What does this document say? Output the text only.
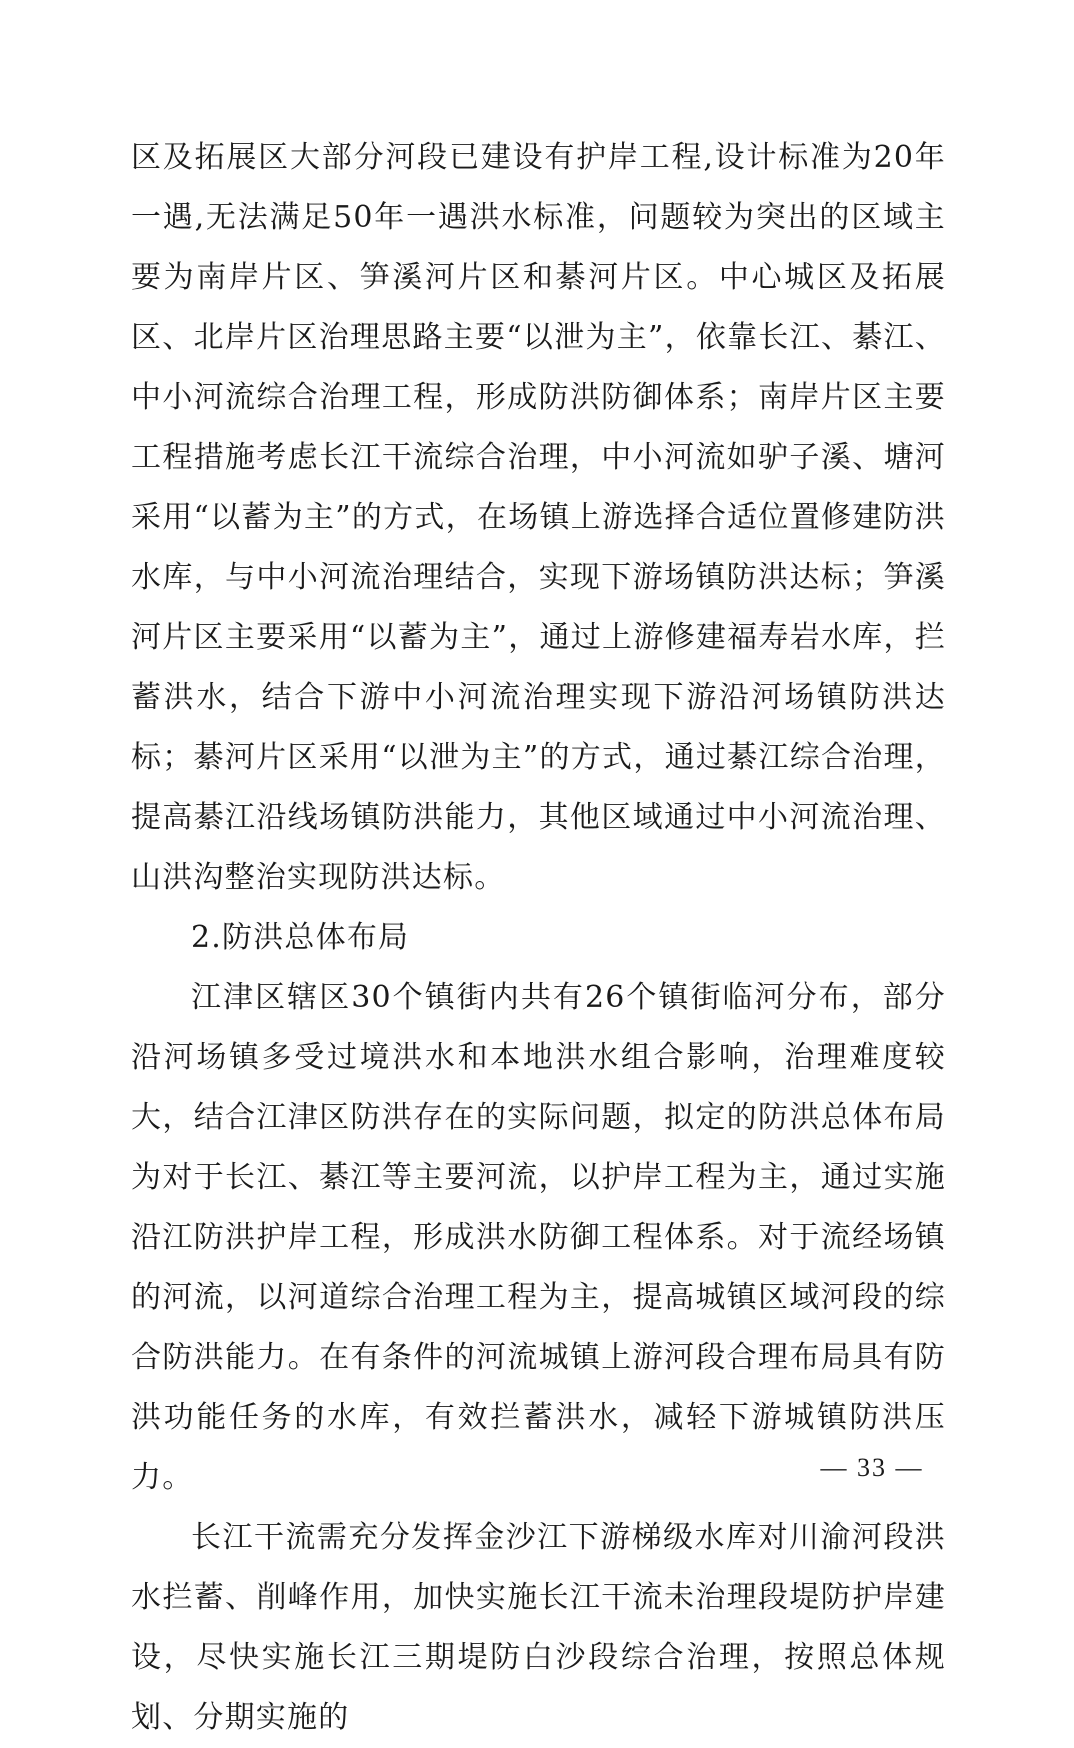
区及拓展区大部分河段已建设有护岸工程,设计标准为20年一遇,无法满足50年一遇洪水标准，问题较为突出的区域主要为南岸片区、笋溪河片区和綦河片区。中心城区及拓展区、北岸片区治理思路主要“以泄为主”，依靠长江、綦江、中小河流综合治理工程，形成防洪防御体系；南岸片区主要工程措施考虑长江干流综合治理，中小河流如驴子溪、塘河采用“以蓄为主”的方式，在场镇上游选择合适位置修建防洪水库，与中小河流治理结合，实现下游场镇防洪达标；笋溪河片区主要采用“以蓄为主”，通过上游修建福寿岩水库，拦蓄洪水，结合下游中小河流治理实现下游沿河场镇防洪达标；綦河片区采用“以泄为主”的方式，通过綦江综合治理，提高綦江沿线场镇防洪能力，其他区域通过中小河流治理、山洪沟整治实现防洪达标。

2.防洪总体布局

江津区辖区30个镇街内共有26个镇街临河分布，部分沿河场镇多受过境洪水和本地洪水组合影响，治理难度较大，结合江津区防洪存在的实际问题，拟定的防洪总体布局为对于长江、綦江等主要河流，以护岸工程为主，通过实施沿江防洪护岸工程，形成洪水防御工程体系。对于流经场镇的河流，以河道综合治理工程为主，提高城镇区域河段的综合防洪能力。在有条件的河流城镇上游河段合理布局具有防洪功能任务的水库，有效拦蓄洪水，减轻下游城镇防洪压力。

长江干流需充分发挥金沙江下游梯级水库对川渝河段洪水拦蓄、削峰作用，加快实施长江干流未治理段堤防护岸建设，尽快实施长江三期堤防白沙段综合治理，按照总体规划、分期实施的

— 33 —
